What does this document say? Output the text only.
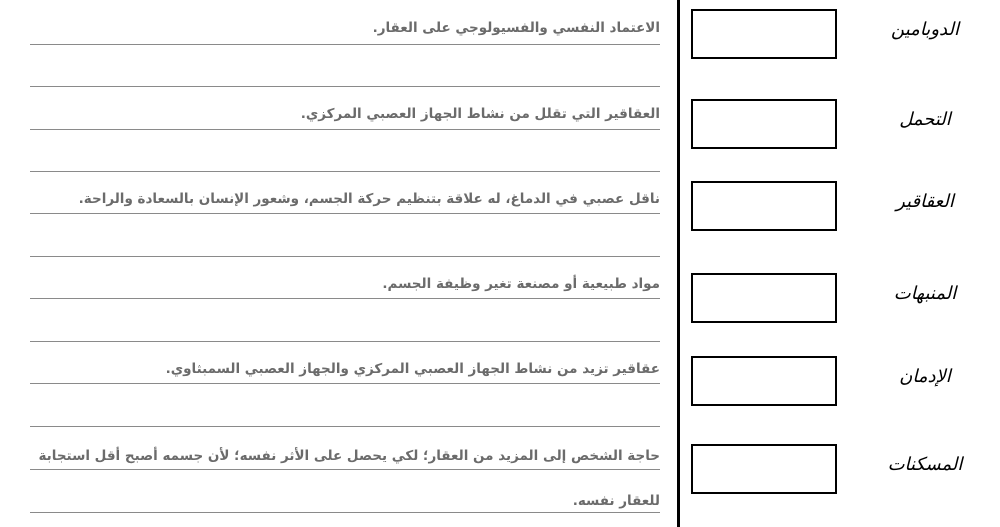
الاعتماد النفسي والفسيولوجي على العقار.
العقاقير التي تقلل من نشاط الجهاز العصبي المركزي.
ناقل عصبي في الدماغ، له علاقة بتنظيم حركة الجسم، وشعور الإنسان بالسعادة والراحة.
مواد طبيعية أو مصنعة تغير وظيفة الجسم.
عقاقير تزيد من نشاط الجهاز العصبي المركزي والجهاز العصبي السمبثاوي.
حاجة الشخص إلى المزيد من العقار؛ لكي يحصل على الأثر نفسه؛ لأن جسمه أصبح أقل استجابة للعقار نفسه.
الدوبامين
التحمل
العقاقير
المنبهات
الإدمان
المسكنات
